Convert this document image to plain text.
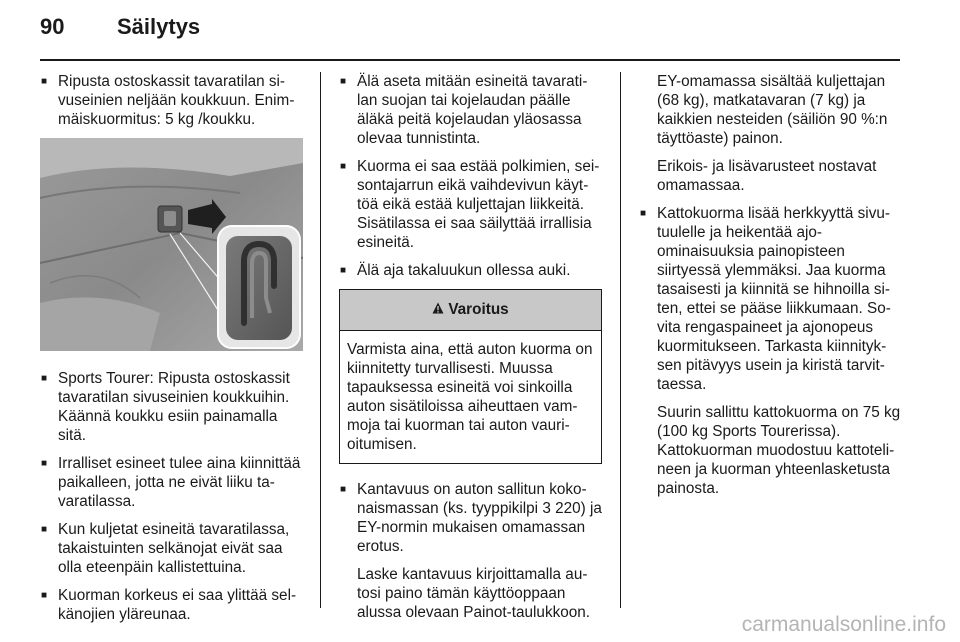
90 Säilytys

■ Ripusta ostoskassit tavaratilan sivuseinien neljään koukkuun. Enimmäiskuormitus: 5 kg /koukku.

■ Sports Tourer: Ripusta ostoskassit tavaratilan sivuseinien koukkuihin. Käännä koukku esiin painamalla sitä.

■ Irralliset esineet tulee aina kiinnittää paikalleen, jotta ne eivät liiku tavaratilassa.

■ Kun kuljetat esineitä tavaratilassa, takaistuinten selkänojat eivät saa olla eteenpäin kallistettuina.

■ Kuorman korkeus ei saa ylittää selkänojien yläreunaa.

■ Älä aseta mitään esineitä tavaratilan suojan tai kojelaudan päälle äläkä peitä kojelaudan yläosassa olevaa tunnistinta.

■ Kuorma ei saa estää polkimien, seisontajarrun eikä vaihdevivun käyttöä eikä estää kuljettajan liikkeitä. Sisätilassa ei saa säilyttää irrallisia esineitä.

■ Älä aja takaluukun ollessa auki.

Varoitus
Varmista aina, että auton kuorma on kiinnitetty turvallisesti. Muussa tapauksessa esineitä voi sinkoilla auton sisätiloissa aiheuttaen vammoja tai kuorman tai auton vaurioitumisen.

■ Kantavuus on auton sallitun kokonaismassan (ks. tyyppikilpi 3 220) ja EY-normin mukaisen omamassan erotus.

Laske kantavuus kirjoittamalla autosi paino tämän käyttöoppaan alussa olevaan Painot-taulukkoon.

EY-omamassa sisältää kuljettajan (68 kg), matkatavaran (7 kg) ja kaikkien nesteiden (säiliön 90 %:n täyttöaste) painon.

Erikois- ja lisävarusteet nostavat omamassaa.

■ Kattokuorma lisää herkkyyttä sivutuulelle ja heikentää ajo-ominaisuuksia painopisteen siirtyessä ylemmäksi. Jaa kuorma tasaisesti ja kiinnitä se hihnoilla siten, ettei se pääse liikkumaan. Sovita rengaspaineet ja ajonopeus kuormitukseen. Tarkasta kiinnityksen pitävyys usein ja kiristä tarvittaessa.

Suurin sallittu kattokuorma on 75 kg (100 kg Sports Tourerissa). Kattokuorman muodostuu kattotelineen ja kuorman yhteenlasketusta painosta.

carmanualsonline.info
